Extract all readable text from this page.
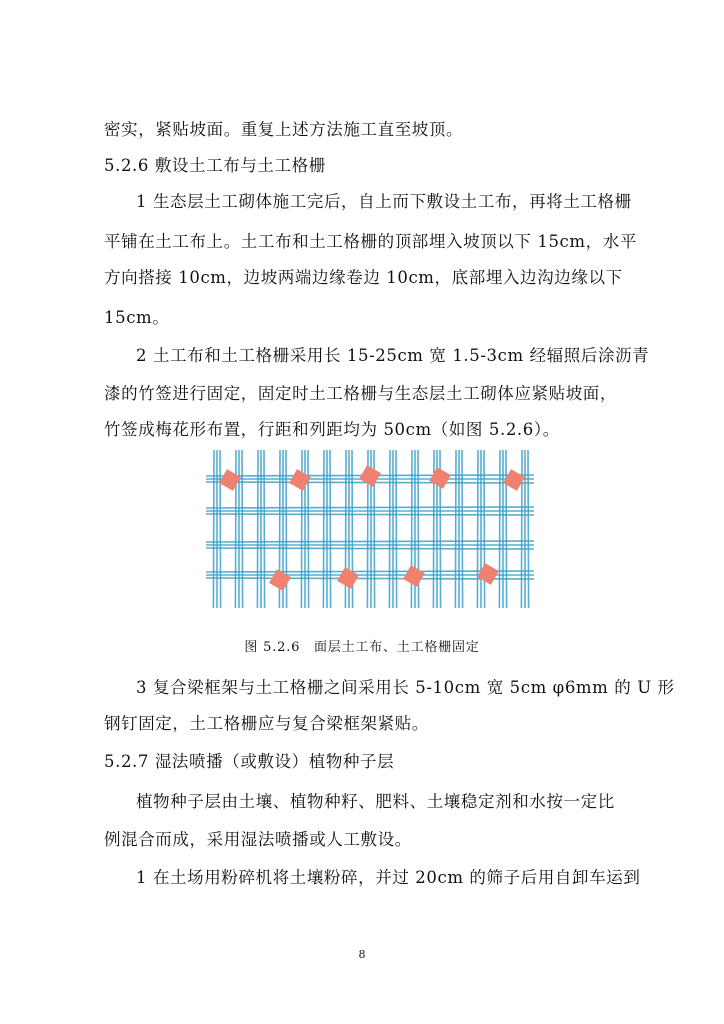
密实，紧贴坡面。重复上述方法施工直至坡顶。
5.2.6 敷设土工布与土工格栅
1 生态层土工砌体施工完后，自上而下敷设土工布，再将土工格栅
平铺在土工布上。土工布和土工格栅的顶部埋入坡顶以下 15cm，水平
方向搭接 10cm，边坡两端边缘卷边 10cm，底部埋入边沟边缘以下
15cm。
2 土工布和土工格栅采用长 15-25cm 宽 1.5-3cm 经辐照后涂沥青
漆的竹签进行固定，固定时土工格栅与生态层土工砌体应紧贴坡面，
竹签成梅花形布置，行距和列距均为 50cm（如图 5.2.6）。
图 5.2.6　面层土工布、土工格栅固定
3 复合梁框架与土工格栅之间采用长 5-10cm 宽 5cm φ6mm 的 U 形
钢钉固定，土工格栅应与复合梁框架紧贴。
5.2.7 湿法喷播（或敷设）植物种子层
植物种子层由土壤、植物种籽、肥料、土壤稳定剂和水按一定比
例混合而成，采用湿法喷播或人工敷设。
1 在土场用粉碎机将土壤粉碎，并过 20cm 的筛子后用自卸车运到
8
